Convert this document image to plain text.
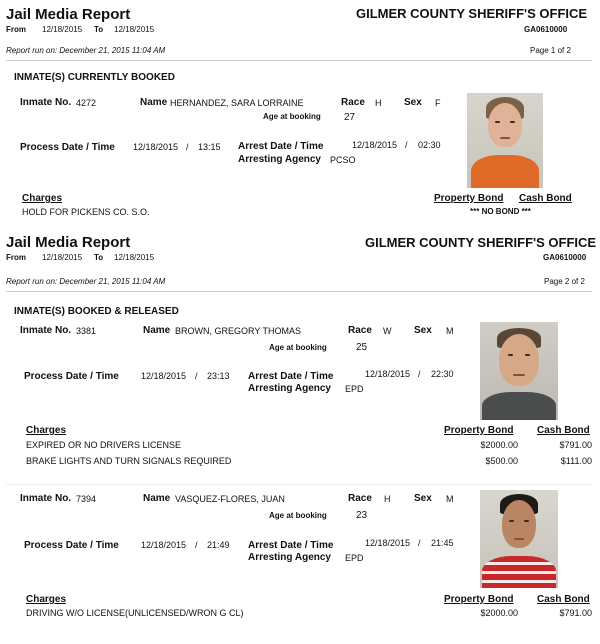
Jail Media Report	GILMER COUNTY SHERIFF'S OFFICE
From 12/18/2015 To 12/18/2015	GA0610000
Report run on: December 21, 2015 11:04 AM	Page 1 of 2
INMATE(S) CURRENTLY BOOKED
Inmate No. 4272	Name HERNANDEZ, SARA LORRAINE	Race H Sex F
Age at booking 27
Process Date / Time 12/18/2015 / 13:15 Arrest Date / Time	12/18/2015 / 02:30
Arresting Agency PCSO
Charges	Property Bond Cash Bond
HOLD FOR PICKENS CO. S.O.	*** NO BOND ***
Jail Media Report	GILMER COUNTY SHERIFF'S OFFICE
From 12/18/2015 To 12/18/2015	GA0610000
Report run on: December 21, 2015 11:04 AM	Page 2 of 2
INMATE(S) BOOKED & RELEASED
Inmate No. 3381	Name BROWN, GREGORY THOMAS	Race W Sex M
Age at booking	25
Process Date / Time 12/18/2015 / 23:13 Arrest Date / Time	12/18/2015 / 22:30
Arresting Agency EPD
Charges	Property Bond Cash Bond
EXPIRED OR NO DRIVERS LICENSE	$2000.00	$791.00
BRAKE LIGHTS AND TURN SIGNALS REQUIRED	$500.00	$111.00
Inmate No. 7394	Name VASQUEZ-FLORES, JUAN	Race H Sex M
Age at booking	23
Process Date / Time 12/18/2015 / 21:49 Arrest Date / Time	12/18/2015 / 21:45
Arresting Agency EPD
Charges	Property Bond Cash Bond
DRIVING W/O LICENSE(UNLICENSED/WRON G CL)	$2000.00	$791.00
